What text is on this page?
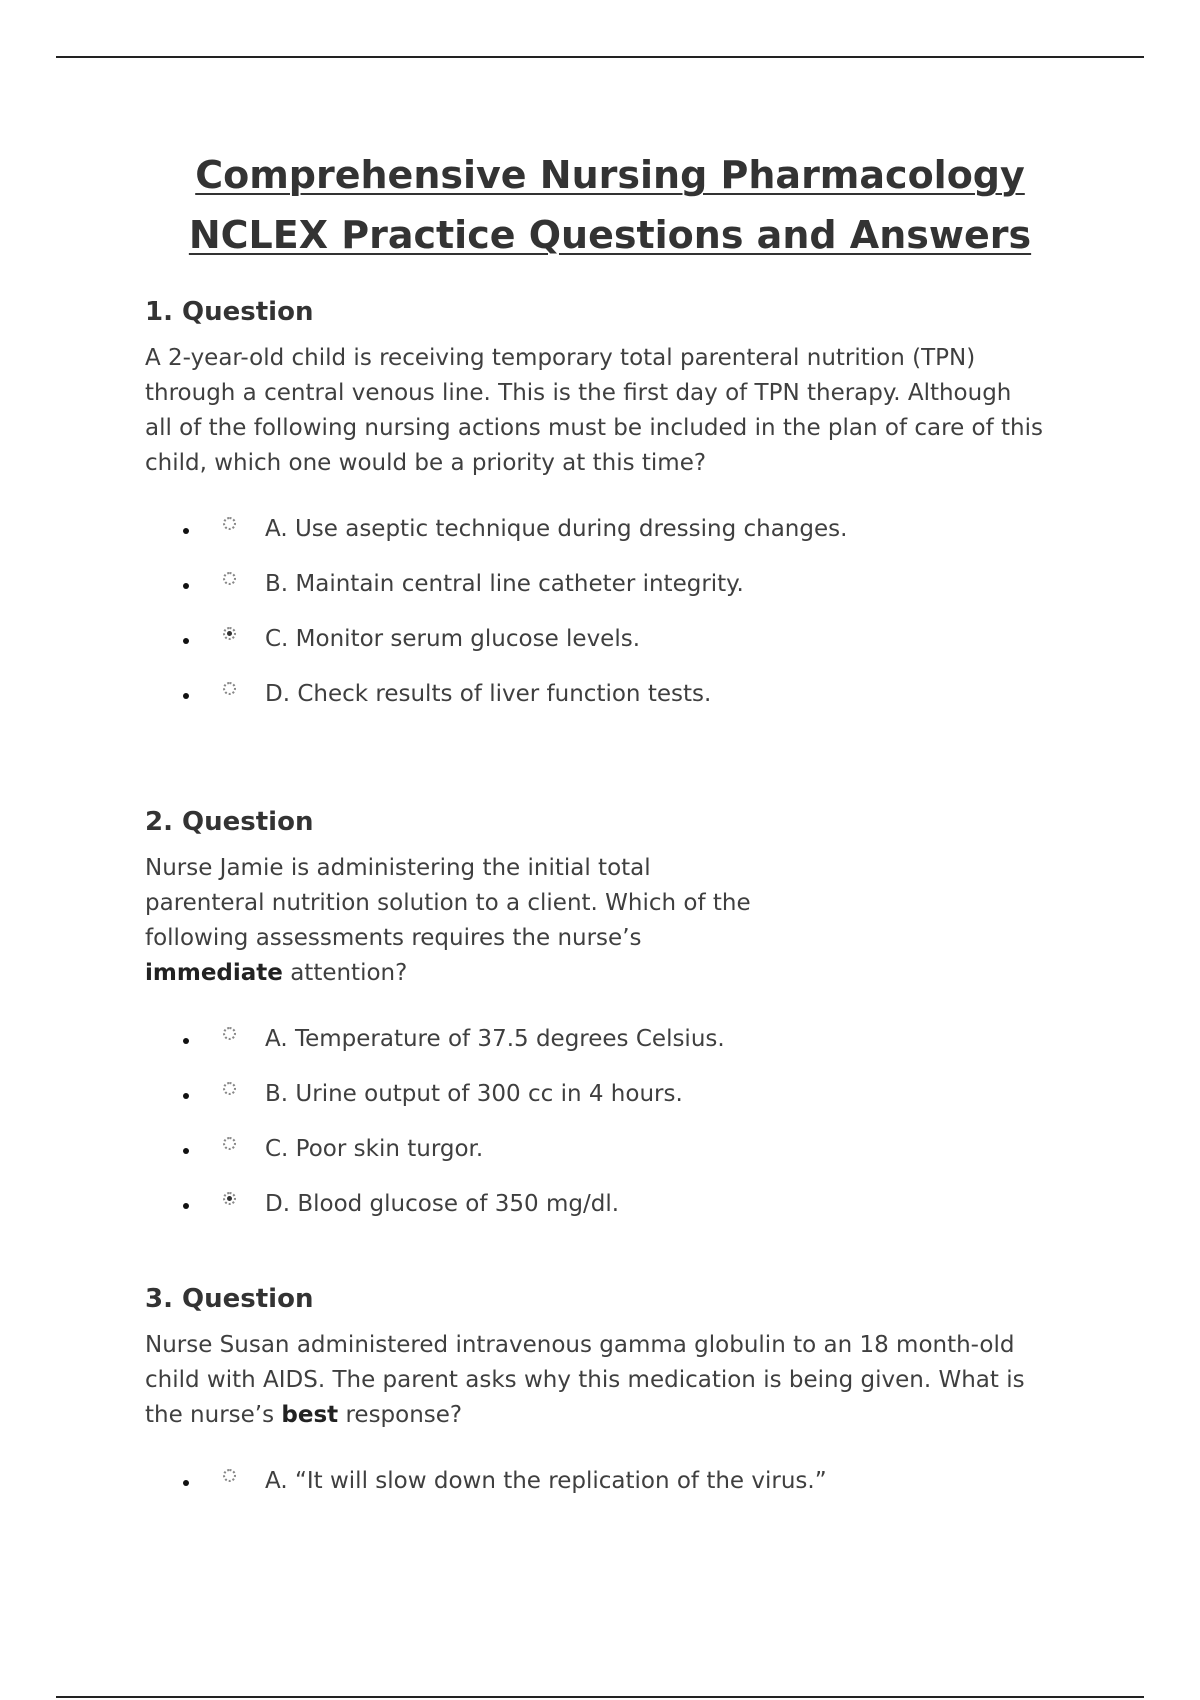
Comprehensive Nursing Pharmacology
NCLEX Practice Questions and Answers

1. Question

A 2-year-old child is receiving temporary total parenteral nutrition (TPN) through a central venous line. This is the first day of TPN therapy. Although all of the following nursing actions must be included in the plan of care of this child, which one would be a priority at this time?

A. Use aseptic technique during dressing changes.
B. Maintain central line catheter integrity.
C. Monitor serum glucose levels.
D. Check results of liver function tests.

2. Question

Nurse Jamie is administering the initial total parenteral nutrition solution to a client. Which of the following assessments requires the nurse’s immediate attention?

A. Temperature of 37.5 degrees Celsius.
B. Urine output of 300 cc in 4 hours.
C. Poor skin turgor.
D. Blood glucose of 350 mg/dl.

3. Question

Nurse Susan administered intravenous gamma globulin to an 18 month-old child with AIDS. The parent asks why this medication is being given. What is the nurse’s best response?

A. “It will slow down the replication of the virus.”
